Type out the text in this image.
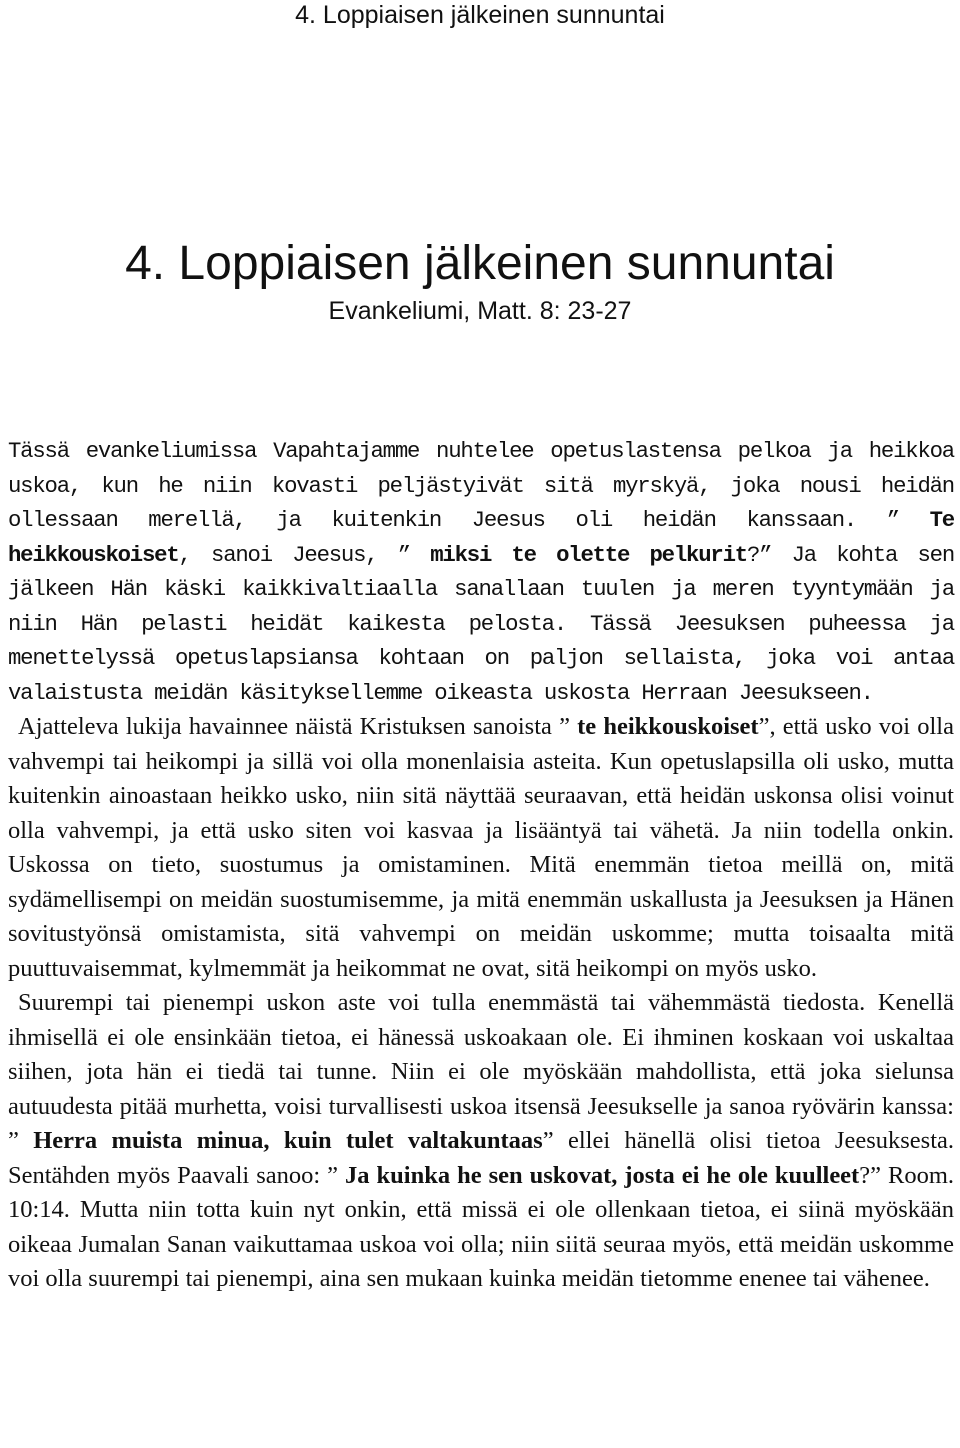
4. Loppiaisen jälkeinen sunnuntai
4. Loppiaisen jälkeinen sunnuntai
Evankeliumi, Matt. 8: 23-27

Tässä evankeliumissa Vapahtajamme nuhtelee opetuslastensa pelkoa ja heikkoa uskoa, kun he niin kovasti peljästyivät sitä myrskyä, joka nousi heidän ollessaan merellä, ja kuitenkin Jeesus oli heidän kanssaan. ” Te heikkouskoiset, sanoi Jeesus, ” miksi te olette pelkurit?” Ja kohta sen jälkeen Hän käski kaikkivaltiaalla sanallaan tuulen ja meren tyyntymään ja niin Hän pelasti heidät kaikesta pelosta. Tässä Jeesuksen puheessa ja menettelyssä opetuslapsiansa kohtaan on paljon sellaista, joka voi antaa valaistusta meidän käsityksellemme oikeasta uskosta Herraan Jeesukseen.

Ajatteleva lukija havainnee näistä Kristuksen sanoista ” te heikkouskoiset”, että usko voi olla vahvempi tai heikompi ja sillä voi olla monenlaisia asteita. Kun opetuslapsilla oli usko, mutta kuitenkin ainoastaan heikko usko, niin sitä näyttää seuraavan, että heidän uskonsa olisi voinut olla vahvempi, ja että usko siten voi kasvaa ja lisääntyä tai vähetä. Ja niin todella onkin. Uskossa on tieto, suostumus ja omistaminen. Mitä enemmän tietoa meillä on, mitä sydämellisempi on meidän suostumisemme, ja mitä enemmän uskallusta ja Jeesuksen ja Hänen sovitustyönsä omistamista, sitä vahvempi on meidän uskomme; mutta toisaalta mitä puuttuvaisemmat, kylmemmät ja heikommat ne ovat, sitä heikompi on myös usko.

Suurempi tai pienempi uskon aste voi tulla enemmästä tai vähemmästä tiedosta. Kenellä ihmisellä ei ole ensinkään tietoa, ei hänessä uskoakaan ole. Ei ihminen koskaan voi uskaltaa siihen, jota hän ei tiedä tai tunne. Niin ei ole myöskään mahdollista, että joka sielunsa autuudesta pitää murhetta, voisi turvallisesti uskoa itsensä Jeesukselle ja sanoa ryövärin kanssa: ” Herra muista minua, kuin tulet valtakuntaas” ellei hänellä olisi tietoa Jeesuksesta. Sentähden myös Paavali sanoo: ” Ja kuinka he sen uskovat, josta ei he ole kuulleet?” Room. 10:14. Mutta niin totta kuin nyt onkin, että missä ei ole ollenkaan tietoa, ei siinä myöskään oikeaa Jumalan Sanan vaikuttamaa uskoa voi olla; niin siitä seuraa myös, että meidän uskomme voi olla suurempi tai pienempi, aina sen mukaan kuinka meidän tietomme enenee tai vähenee.
